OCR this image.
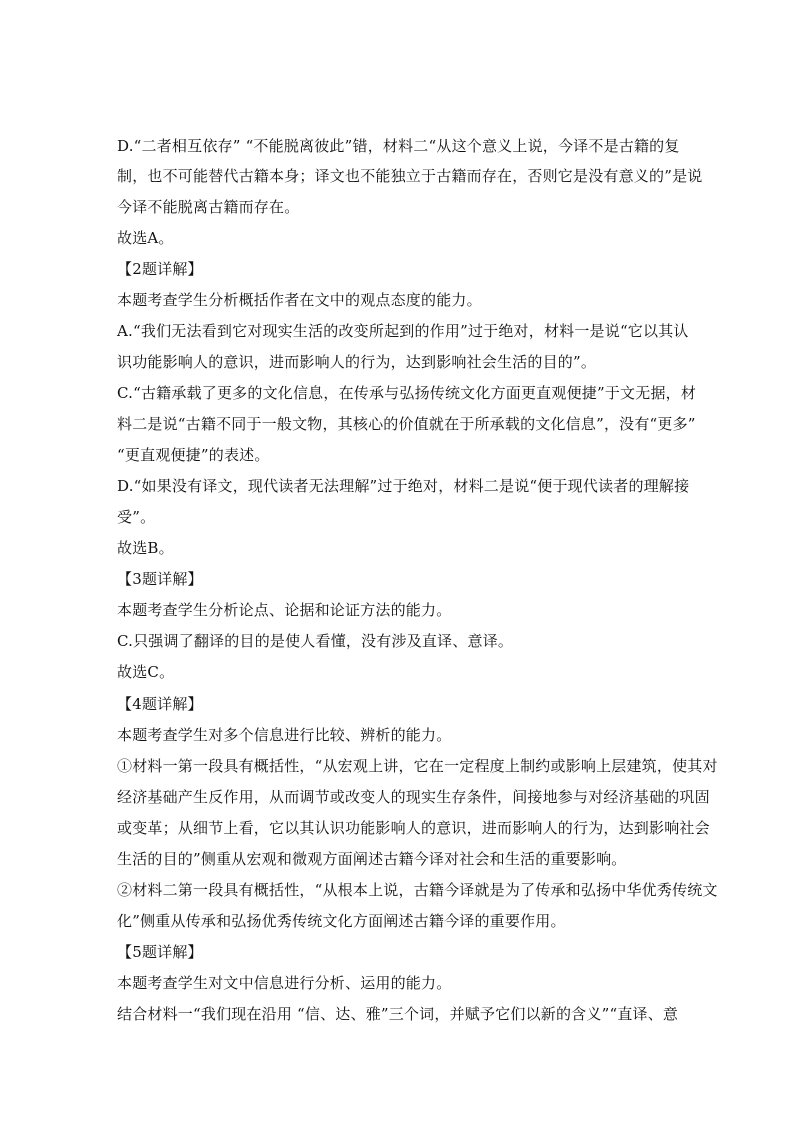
D.“二者相互依存” “不能脱离彼此”错，材料二“从这个意义上说，今译不是古籍的复
制，也不可能替代古籍本身；译文也不能独立于古籍而存在，否则它是没有意义的”是说
今译不能脱离古籍而存在。
故选A。
【2题详解】
本题考查学生分析概括作者在文中的观点态度的能力。
A.“我们无法看到它对现实生活的改变所起到的作用”过于绝对，材料一是说“它以其认
识功能影响人的意识，进而影响人的行为，达到影响社会生活的目的”。
C.“古籍承载了更多的文化信息，在传承与弘扬传统文化方面更直观便捷”于文无据，材
料二是说“古籍不同于一般文物，其核心的价值就在于所承载的文化信息”，没有“更多”
“更直观便捷”的表述。
D.“如果没有译文，现代读者无法理解”过于绝对，材料二是说“便于现代读者的理解接
受”。
故选B。
【3题详解】
本题考查学生分析论点、论据和论证方法的能力。
C.只强调了翻译的目的是使人看懂，没有涉及直译、意译。
故选C。
【4题详解】
本题考查学生对多个信息进行比较、辨析的能力。
①材料一第一段具有概括性，“从宏观上讲，它在一定程度上制约或影响上层建筑，使其对
经济基础产生反作用，从而调节或改变人的现实生存条件，间接地参与对经济基础的巩固
或变革；从细节上看，它以其认识功能影响人的意识，进而影响人的行为，达到影响社会
生活的目的”侧重从宏观和微观方面阐述古籍今译对社会和生活的重要影响。
②材料二第一段具有概括性，“从根本上说，古籍今译就是为了传承和弘扬中华优秀传统文
化”侧重从传承和弘扬优秀传统文化方面阐述古籍今译的重要作用。
【5题详解】
本题考查学生对文中信息进行分析、运用的能力。
结合材料一“我们现在沿用 “信、达、雅”三个词，并赋予它们以新的含义”“直译、意
